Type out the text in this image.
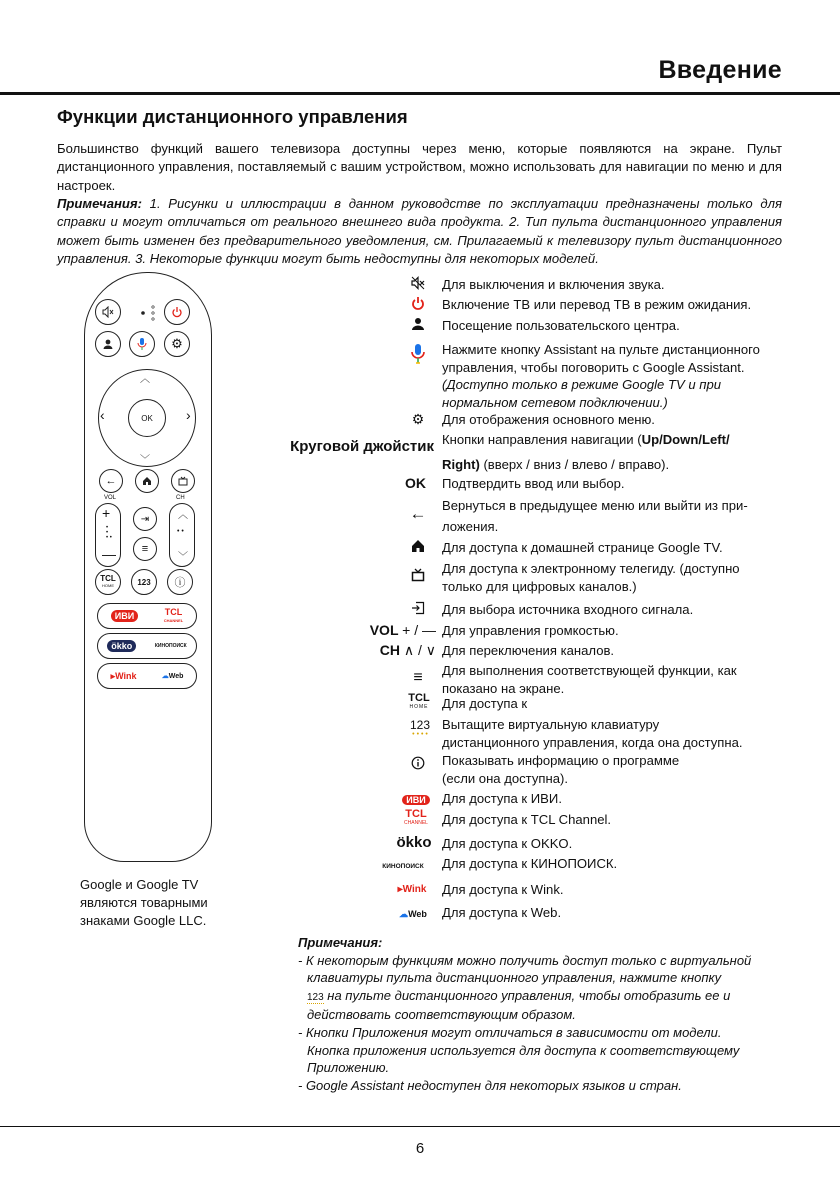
Введение
Функции дистанционного управления
Большинство функций вашего телевизора доступны через меню, которые появляются на экране. Пульт дистанционного управления, поставляемый с вашим устройством, можно использовать для навигации по меню и для настроек.
Примечания: 1. Рисунки и иллюстрации в данном руководстве по эксплуатации предназначены только для справки и могут отличаться от реального внешнего вида продукта. 2. Тип пульта дистанционного управления может быть изменен без предварительного уведомления, см. Прилагаемый к телевизору пульт дистанционного управления. 3. Некоторые функции могут быть недоступны для некоторых моделей.
⚙
︿
﹀
‹	›
OK
←
VOL	CH
+
•
•
• •
—
⇥
≡
︿
• •
﹀
TCL
HOME	123	ⓘ
ИВИ	TCL
CHANNEL
ökko	КИНОПОИСК
▸Wink	☁Web
Google и Google TV
являются товарными
знаками Google LLC.
Для выключения и включения звука.
Включение ТВ или перевод ТВ в режим ожидания.
Посещение пользовательского центра.
Нажмите кнопку Assistant на пульте дистанционного
управления, чтобы поговорить с Google Assistant.
(Доступно только в режиме Google TV и при
нормальном сетевом подключении.)
⚙	Для отображения основного меню.
Круговой джойстик Кнопки направления навигации (Up/Down/Left/
Right) (вверх / вниз / влево / вправо).
OK Подтвердить ввод или выбор.
← Вернуться в предыдущее меню или выйти из при-
ложения.
Для доступа к домашней странице Google TV.
Для доступа к электронному телегиду. (доступно
только для цифровых каналов.)
Для выбора источника входного сигнала.
VOL + / — Для управления громкостью.
CH ∧ / ∨ Для переключения каналов.
≡	Для выполнения соответствующей функции, как
показано на экране.
TCL
HOME	Для доступа к
123
• • • •
Вытащите виртуальную клавиатуру
дистанционного управления, когда она доступна.
Показывать информацию о программе
(если она доступна).
ИВИ	Для доступа к ИВИ.
TCL
CHANNEL	Для доступа к TCL Channel.
ökko Для доступа к OKKO.
КИНОПОИСК	Для доступа к КИНОПОИСК.
▸Wink	Для доступа к Wink.
☁Web	Для доступа к Web.
Примечания:
- К некоторым функциям можно получить доступ только с виртуальной
клавиатуры пульта дистанционного управления, нажмите кнопку
123 на пульте дистанционного управления, чтобы отобразить ее и
действовать соответствующим образом.
- Кнопки Приложения могут отличаться в зависимости от модели.
Кнопка приложения используется для доступа к соответствующему
Приложению.
- Google Assistant недоступен для некоторых языков и стран.
6
